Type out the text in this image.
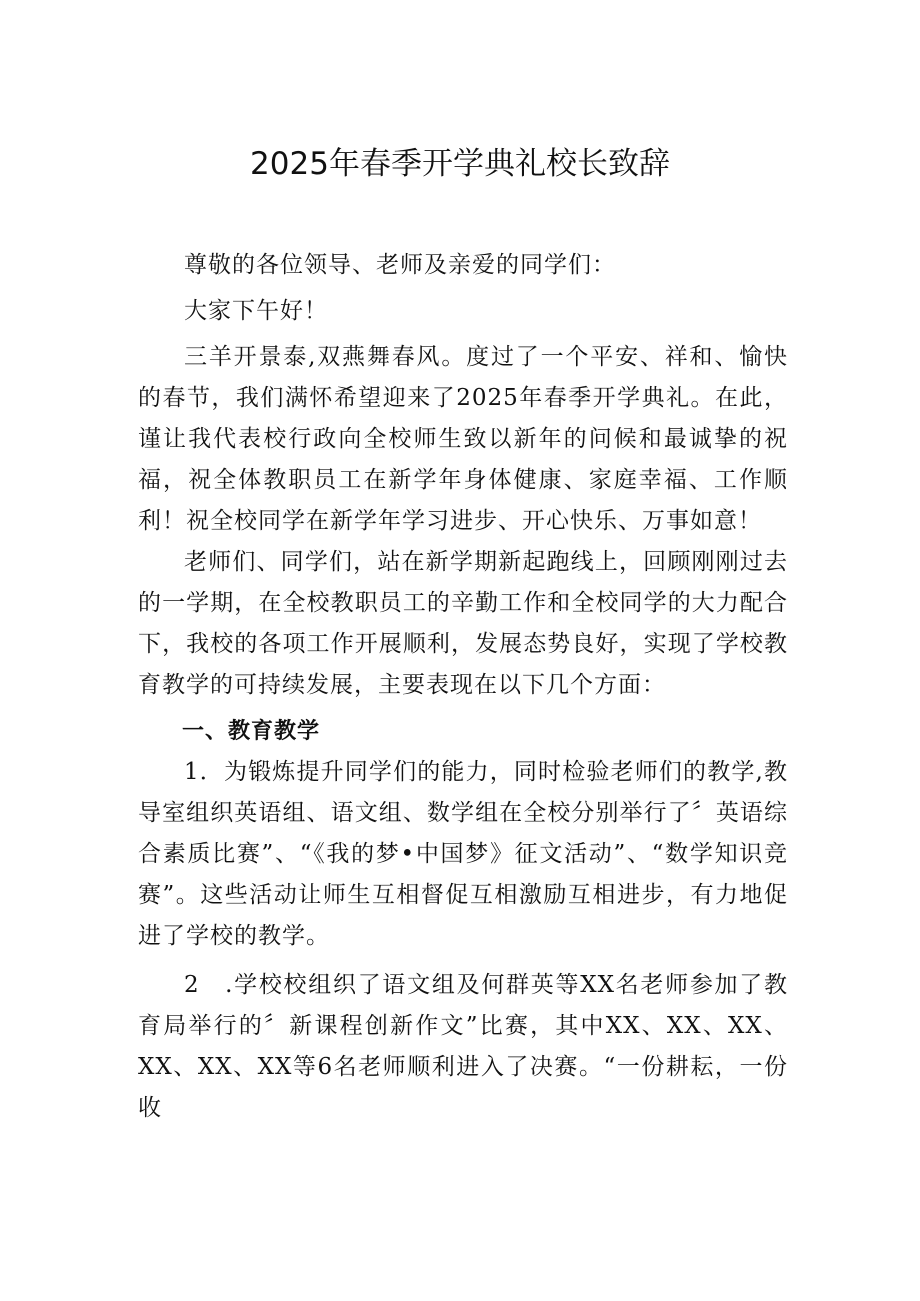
2025年春季开学典礼校长致辞

尊敬的各位领导、老师及亲爱的同学们：

大家下午好！

三羊开景泰,双燕舞春风。度过了一个平安、祥和、愉快的春节，我们满怀希望迎来了2025年春季开学典礼。在此，谨让我代表校行政向全校师生致以新年的问候和最诚挚的祝福，祝全体教职员工在新学年身体健康、家庭幸福、工作顺利！祝全校同学在新学年学习进步、开心快乐、万事如意！

老师们、同学们，站在新学期新起跑线上，回顾刚刚过去的一学期，在全校教职员工的辛勤工作和全校同学的大力配合下，我校的各项工作开展顺利，发展态势良好，实现了学校教育教学的可持续发展，主要表现在以下几个方面：

一、教育教学

1．为锻炼提升同学们的能力，同时检验老师们的教学,教导室组织英语组、语文组、数学组在全校分别举行了〞英语综合素质比赛”、“《我的梦•中国梦》征文活动”、“数学知识竞赛”。这些活动让师生互相督促互相激励互相进步，有力地促进了学校的教学。

2　.学校校组织了语文组及何群英等XX名老师参加了教育局举行的〞新课程创新作文”比赛，其中XX、XX、XX、XX、XX、XX等6名老师顺利进入了决赛。“一份耕耘，一份收
